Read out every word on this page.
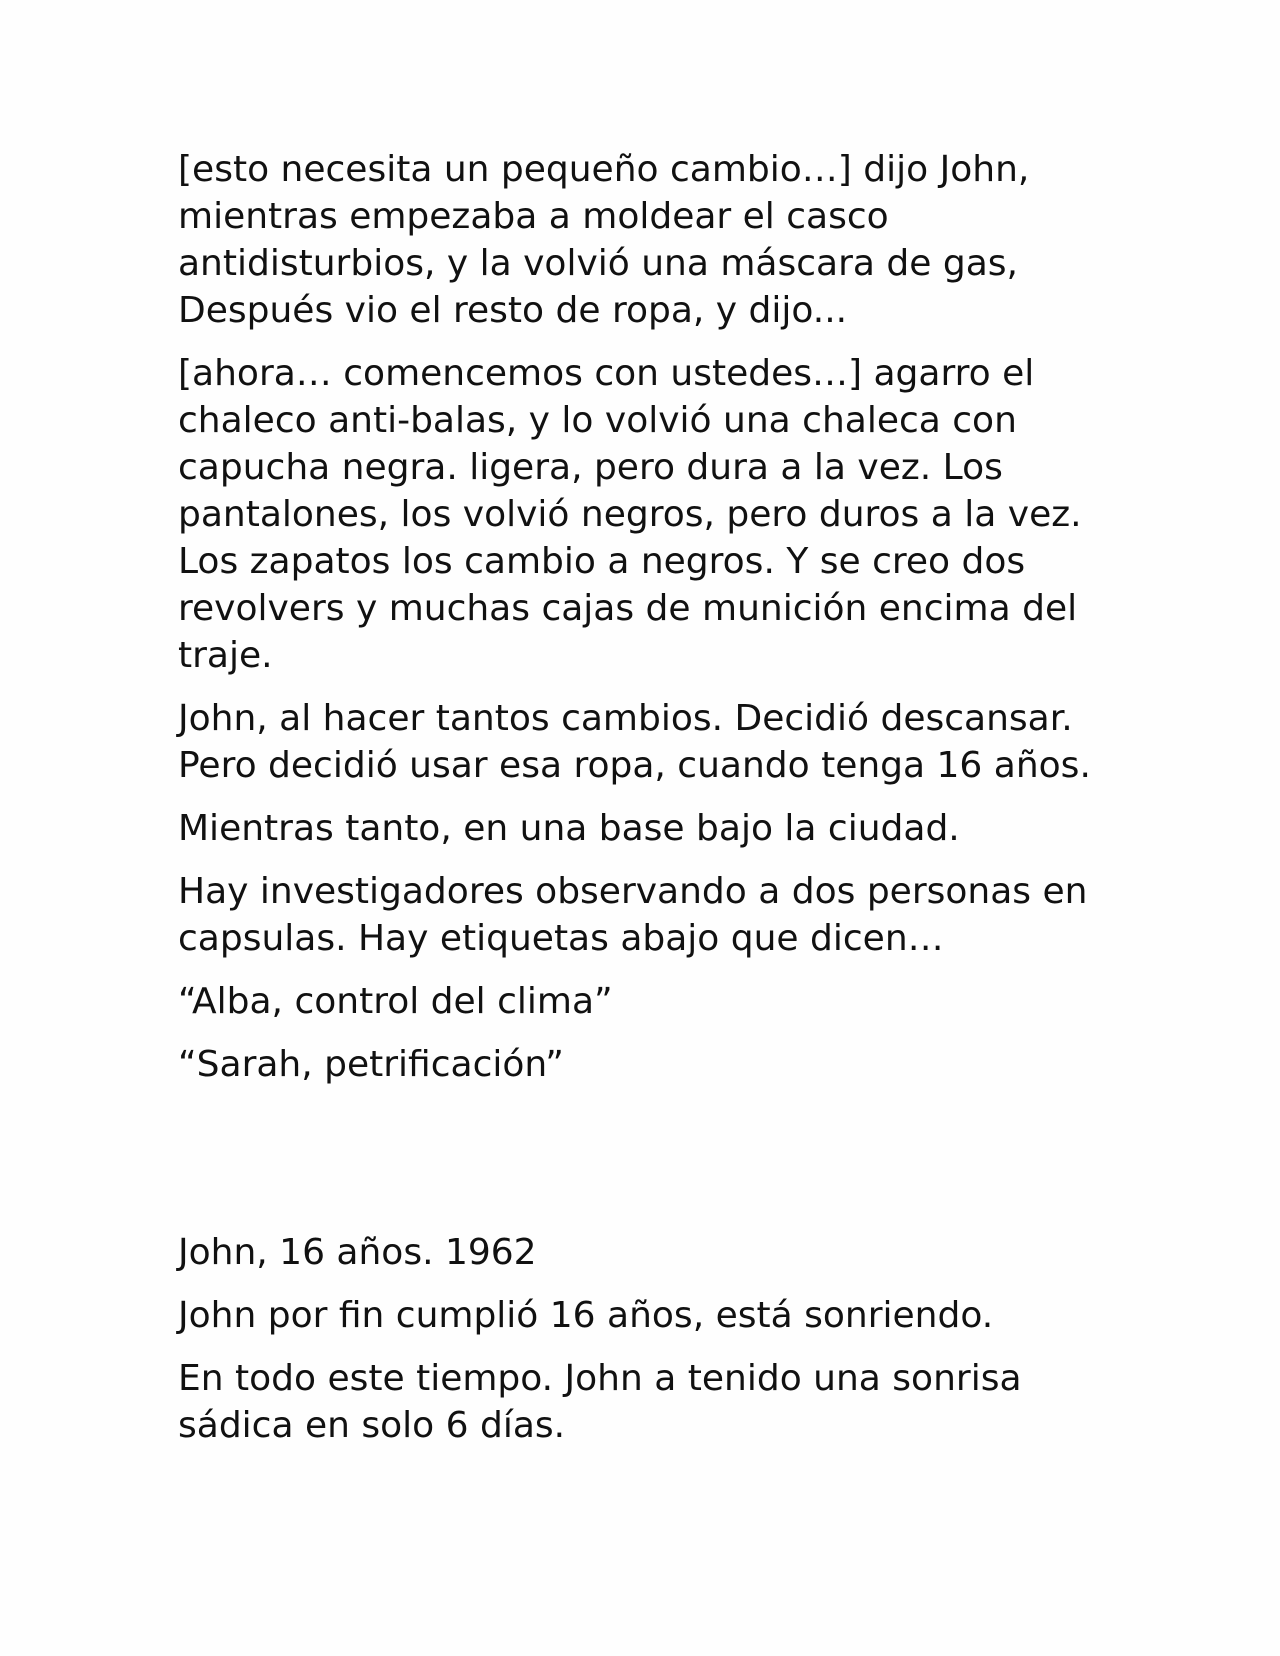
[esto necesita un pequeño cambio…] dijo John, mientras empezaba a moldear el casco antidisturbios, y la volvió una máscara de gas, Después vio el resto de ropa, y dijo...

[ahora… comencemos con ustedes…] agarro el chaleco anti-balas, y lo volvió una chaleca con capucha negra. ligera, pero dura a la vez. Los pantalones, los volvió negros, pero duros a la vez. Los zapatos los cambio a negros. Y se creo dos revolvers y muchas cajas de munición encima del traje.

John, al hacer tantos cambios. Decidió descansar. Pero decidió usar esa ropa, cuando tenga 16 años.

Mientras tanto, en una base bajo la ciudad.

Hay investigadores observando a dos personas en capsulas. Hay etiquetas abajo que dicen…

“Alba, control del clima”

“Sarah, petrificación”

John, 16 años. 1962

John por fin cumplió 16 años, está sonriendo.

En todo este tiempo. John a tenido una sonrisa sádica en solo 6 días.
